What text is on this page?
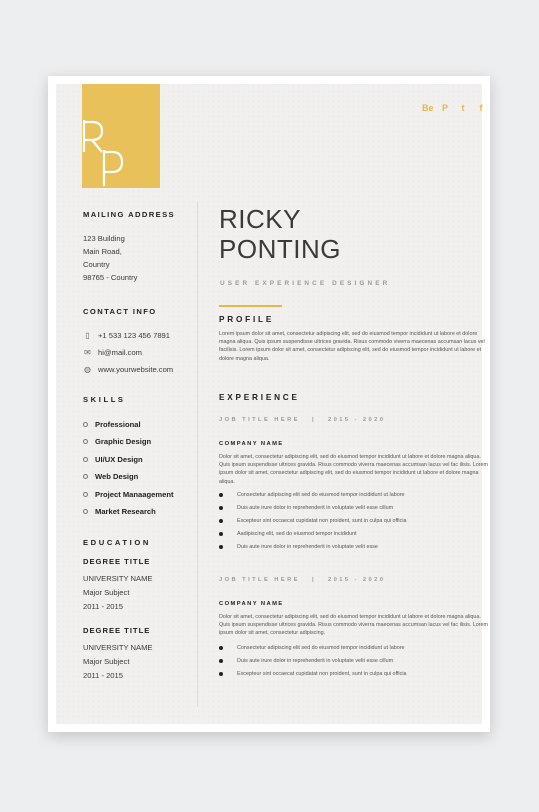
Be P	t	f
MAILING ADDRESS
123 Building
Main Road,
Country
98765 - Country
CONTACT INFO
▯	+1 533 123 456 7891
✉ hi@mail.com
◍ www.yourwebsite.com
SKILLS
Professional
Graphic Design
UI/UX Design
Web Design
Project Manaagement
Market Research
EDUCATION
DEGREE TITLE
UNIVERSITY NAME
Major Subject
2011 - 2015
DEGREE TITLE
UNIVERSITY NAME
Major Subject
2011 - 2015
RICKY
PONTING
USER EXPERIENCE DESIGNER
PROFILE
Lorem ipsum dolor sit amet, consectetur adipiscing elit, sed do eiusmod tempor incididunt ut labore et dolore magna aliqua. Quis ipsum suspendisse ultrices gravida. Risus commodo viverra maecenas accumsan lacus vel facilisis. Lorem ipsum dolor sit amet, consectetur adipiscing elit, sed do eiusmod tempor incididunt ut labore et dolore magna aliqua.
EXPERIENCE
JOB TITLE HERE   |   2015 - 2020
COMPANY NAME
Dolor sit amet, consectetur adipiscing elit, sed do eiusmod tempor incididunt ut labore et dolore magna aliqua. Quis ipsum suspendisse ultrices gravida. Risus commodo viverra maecenas accumsan lacus vel fac ilisis. Lorem ipsum dolor sit amet, consectetur adipiscing elit, sed do eiusmod tempor incididunt ut labore et dolore magna aliqua.
Consectetur adipiscing elit sed do eiusmod tempor incididunt ut labore
Duis aute irure dolor in reprehenderit in voluptate velit esse cillum
Excepteur sint occaecat cupidatat non proident, sunt in culpa qui officia
Aadipiscing elit, sed do eiusmod tempor incididunt
Duis aute irure dolor in reprehenderit in voluptate velit esse
JOB TITLE HERE   |   2015 - 2020
COMPANY NAME
Dolor sit amet, consectetur adipiscing elit, sed do eiusmod tempor incididunt ut labore et dolore magna aliqua. Quis ipsum suspendisse ultrices gravida. Risus commodo viverra maecenas accumsan lacus vel fac ilisis. Lorem ipsum dolor sit amet, consectetur adipiscing.
Consectetur adipiscing elit sed do eiusmod tempor incididunt ut labore
Duis aute irure dolor in reprehenderit in voluptate velit esse cillum
Excepteur sint occaecat cupidatat non proident, sunt in culpa qui officia
